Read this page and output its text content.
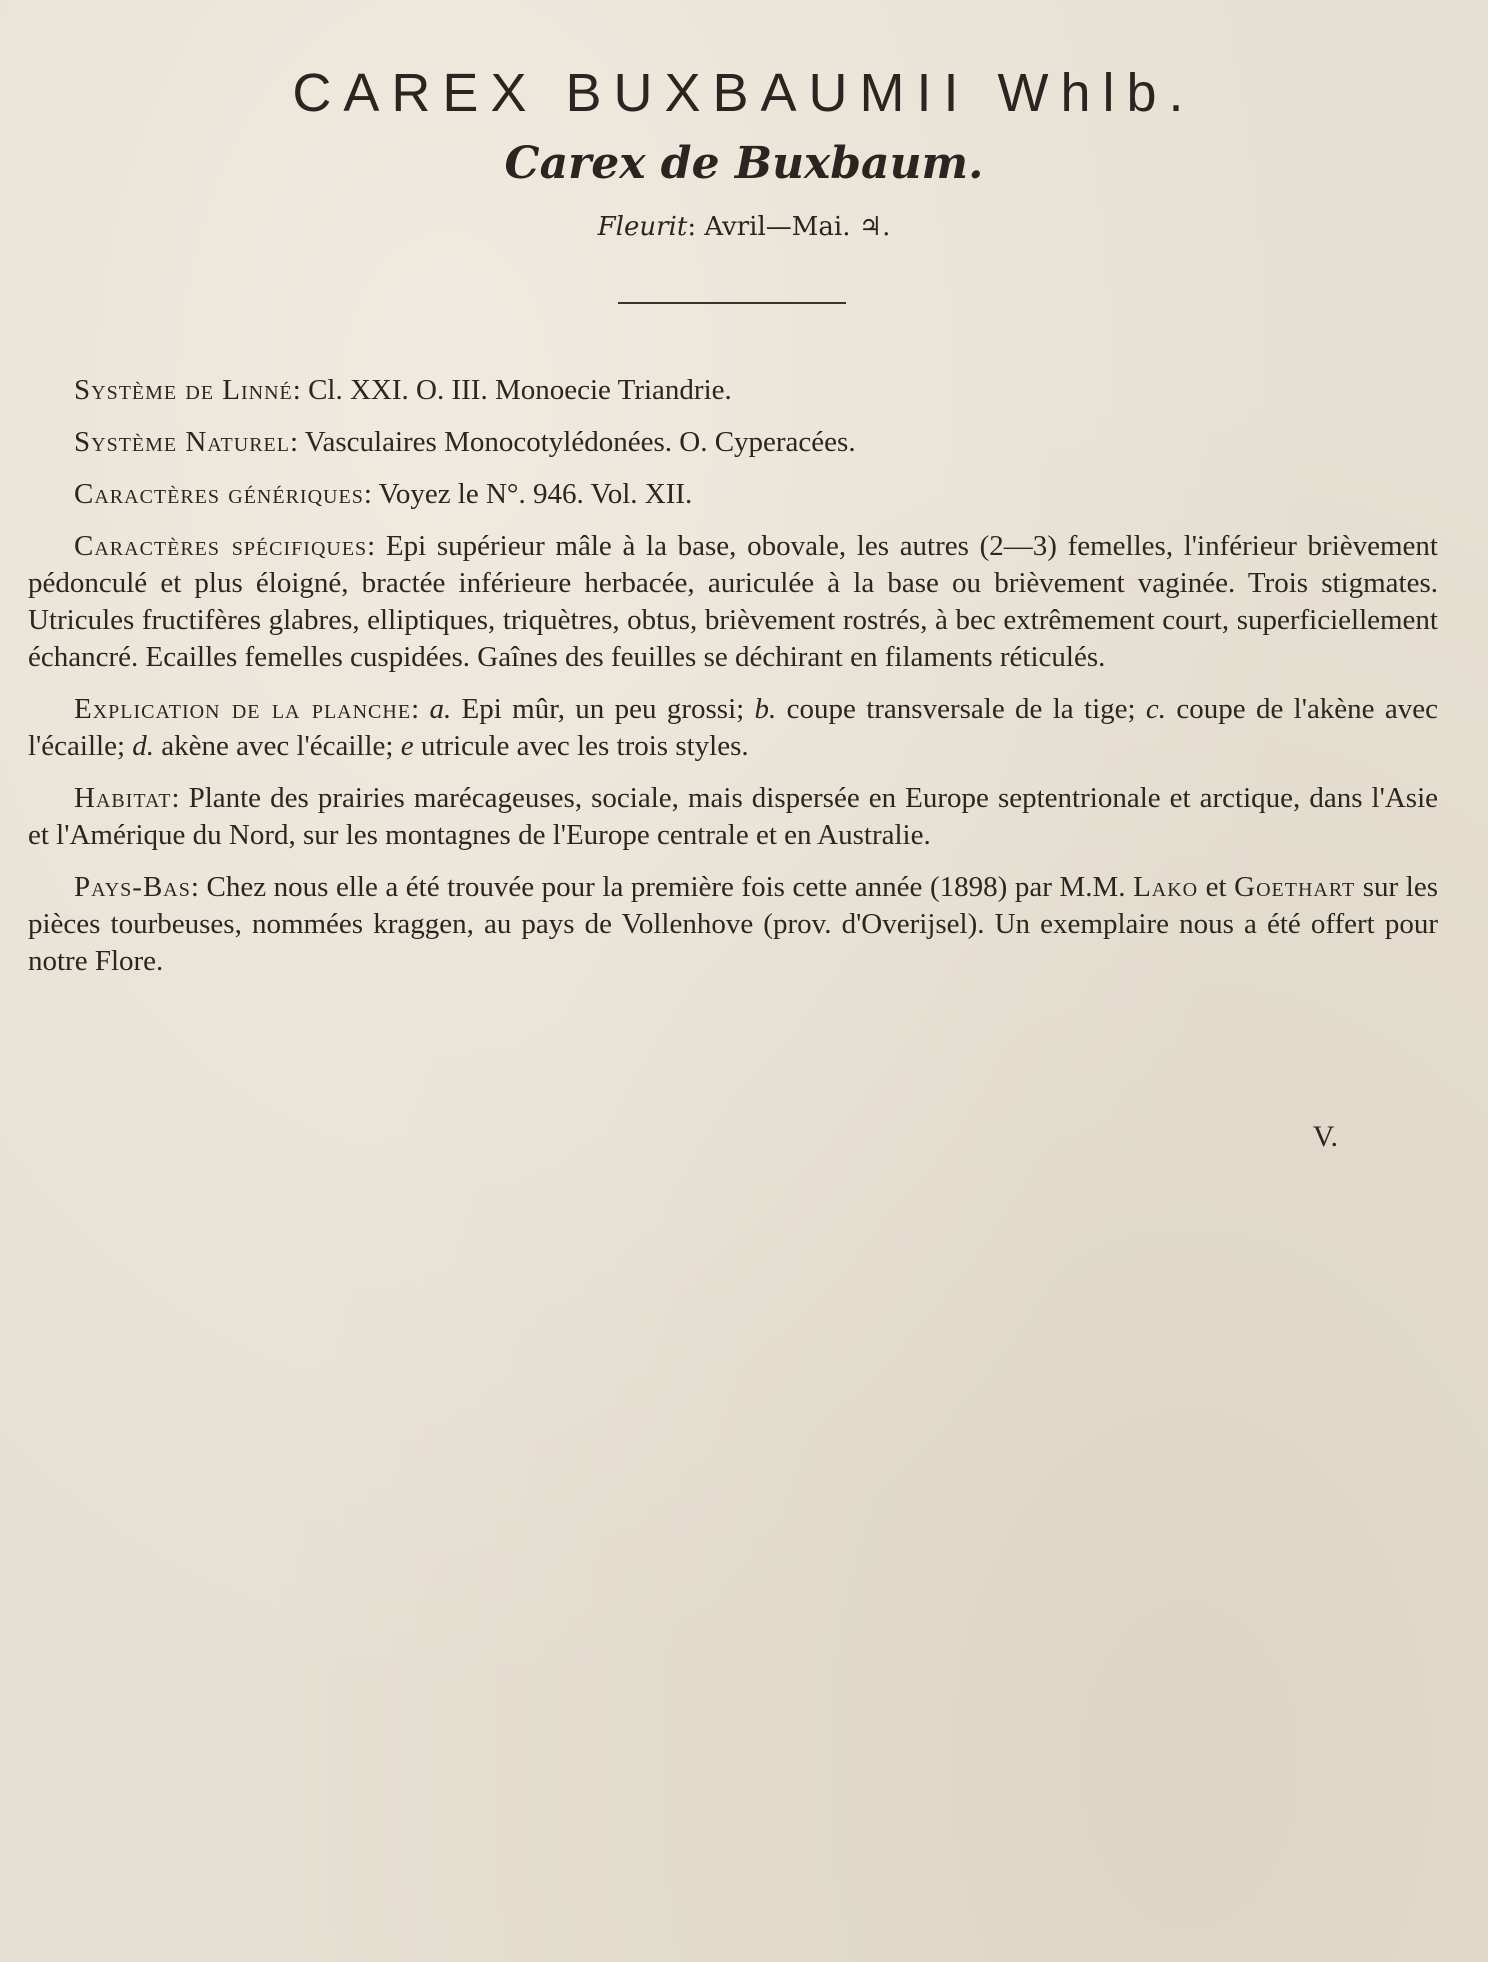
CAREX BUXBAUMII Whlb.
Carex de Buxbaum.
Fleurit: Avril—Mai. ♃.

Système de Linné: Cl. XXI. O. III. Monoecie Triandrie.

Système Naturel: Vasculaires Monocotylédonées. O. Cyperacées.

Caractères génériques: Voyez le N°. 946. Vol. XII.

Caractères spécifiques: Epi supérieur mâle à la base, obovale, les autres (2—3) femelles, l'inférieur brièvement pédonculé et plus éloigné, bractée inférieure herbacée, auriculée à la base ou brièvement vaginée. Trois stigmates. Utricules fructifères glabres, elliptiques, triquètres, obtus, brièvement rostrés, à bec extrêmement court, superficiellement échancré. Ecailles femelles cuspidées. Gaînes des feuilles se déchirant en filaments réticulés.

Explication de la planche: a. Epi mûr, un peu grossi; b. coupe transversale de la tige; c. coupe de l'akène avec l'écaille; d. akène avec l'écaille; e utricule avec les trois styles.

Habitat: Plante des prairies marécageuses, sociale, mais dispersée en Europe septentrionale et arctique, dans l'Asie et l'Amérique du Nord, sur les montagnes de l'Europe centrale et en Australie.

Pays-Bas: Chez nous elle a été trouvée pour la première fois cette année (1898) par M.M. Lako et Goethart sur les pièces tourbeuses, nommées kraggen, au pays de Vollenhove (prov. d'Overijsel). Un exemplaire nous a été offert pour notre Flore.

V.
